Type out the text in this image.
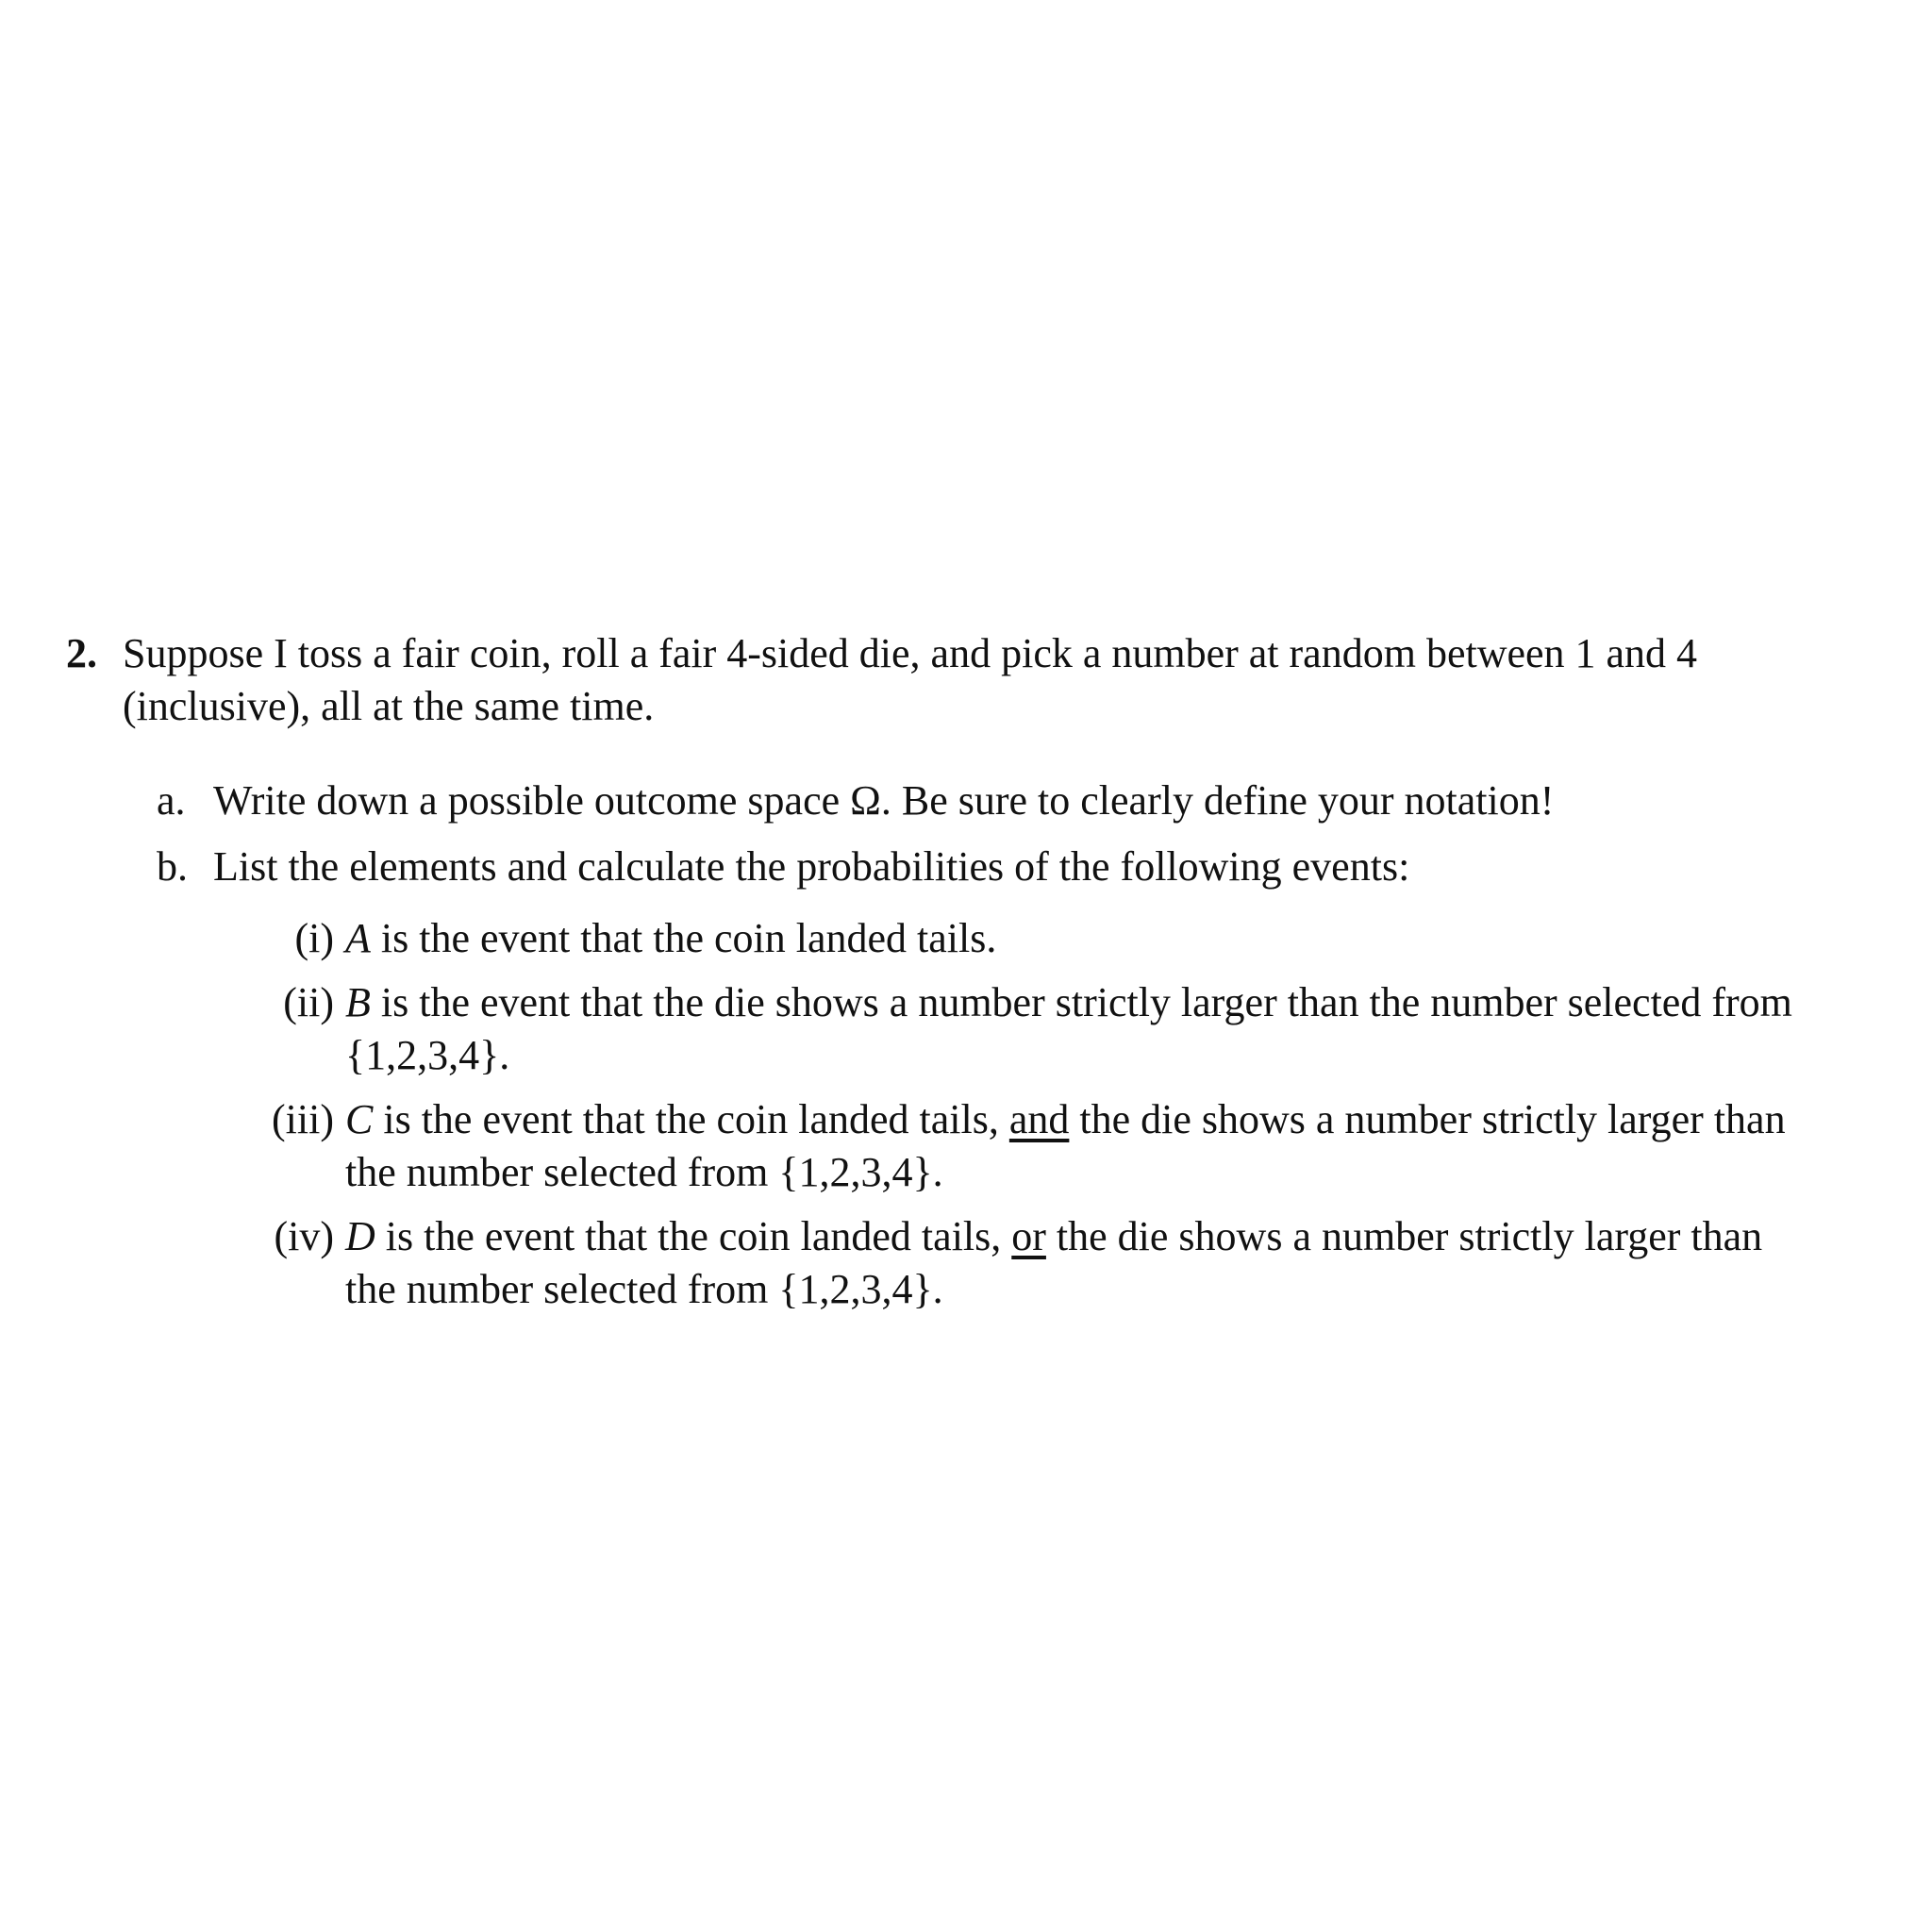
2. Suppose I toss a fair coin, roll a fair 4-sided die, and pick a number at random between 1 and 4 (inclusive), all at the same time.
a. Write down a possible outcome space Ω. Be sure to clearly define your notation!
b. List the elements and calculate the probabilities of the following events:
(i) A is the event that the coin landed tails.
(ii) B is the event that the die shows a number strictly larger than the number selected from {1,2,3,4}.
(iii) C is the event that the coin landed tails, and the die shows a number strictly larger than the number selected from {1,2,3,4}.
(iv) D is the event that the coin landed tails, or the die shows a number strictly larger than the number selected from {1,2,3,4}.
